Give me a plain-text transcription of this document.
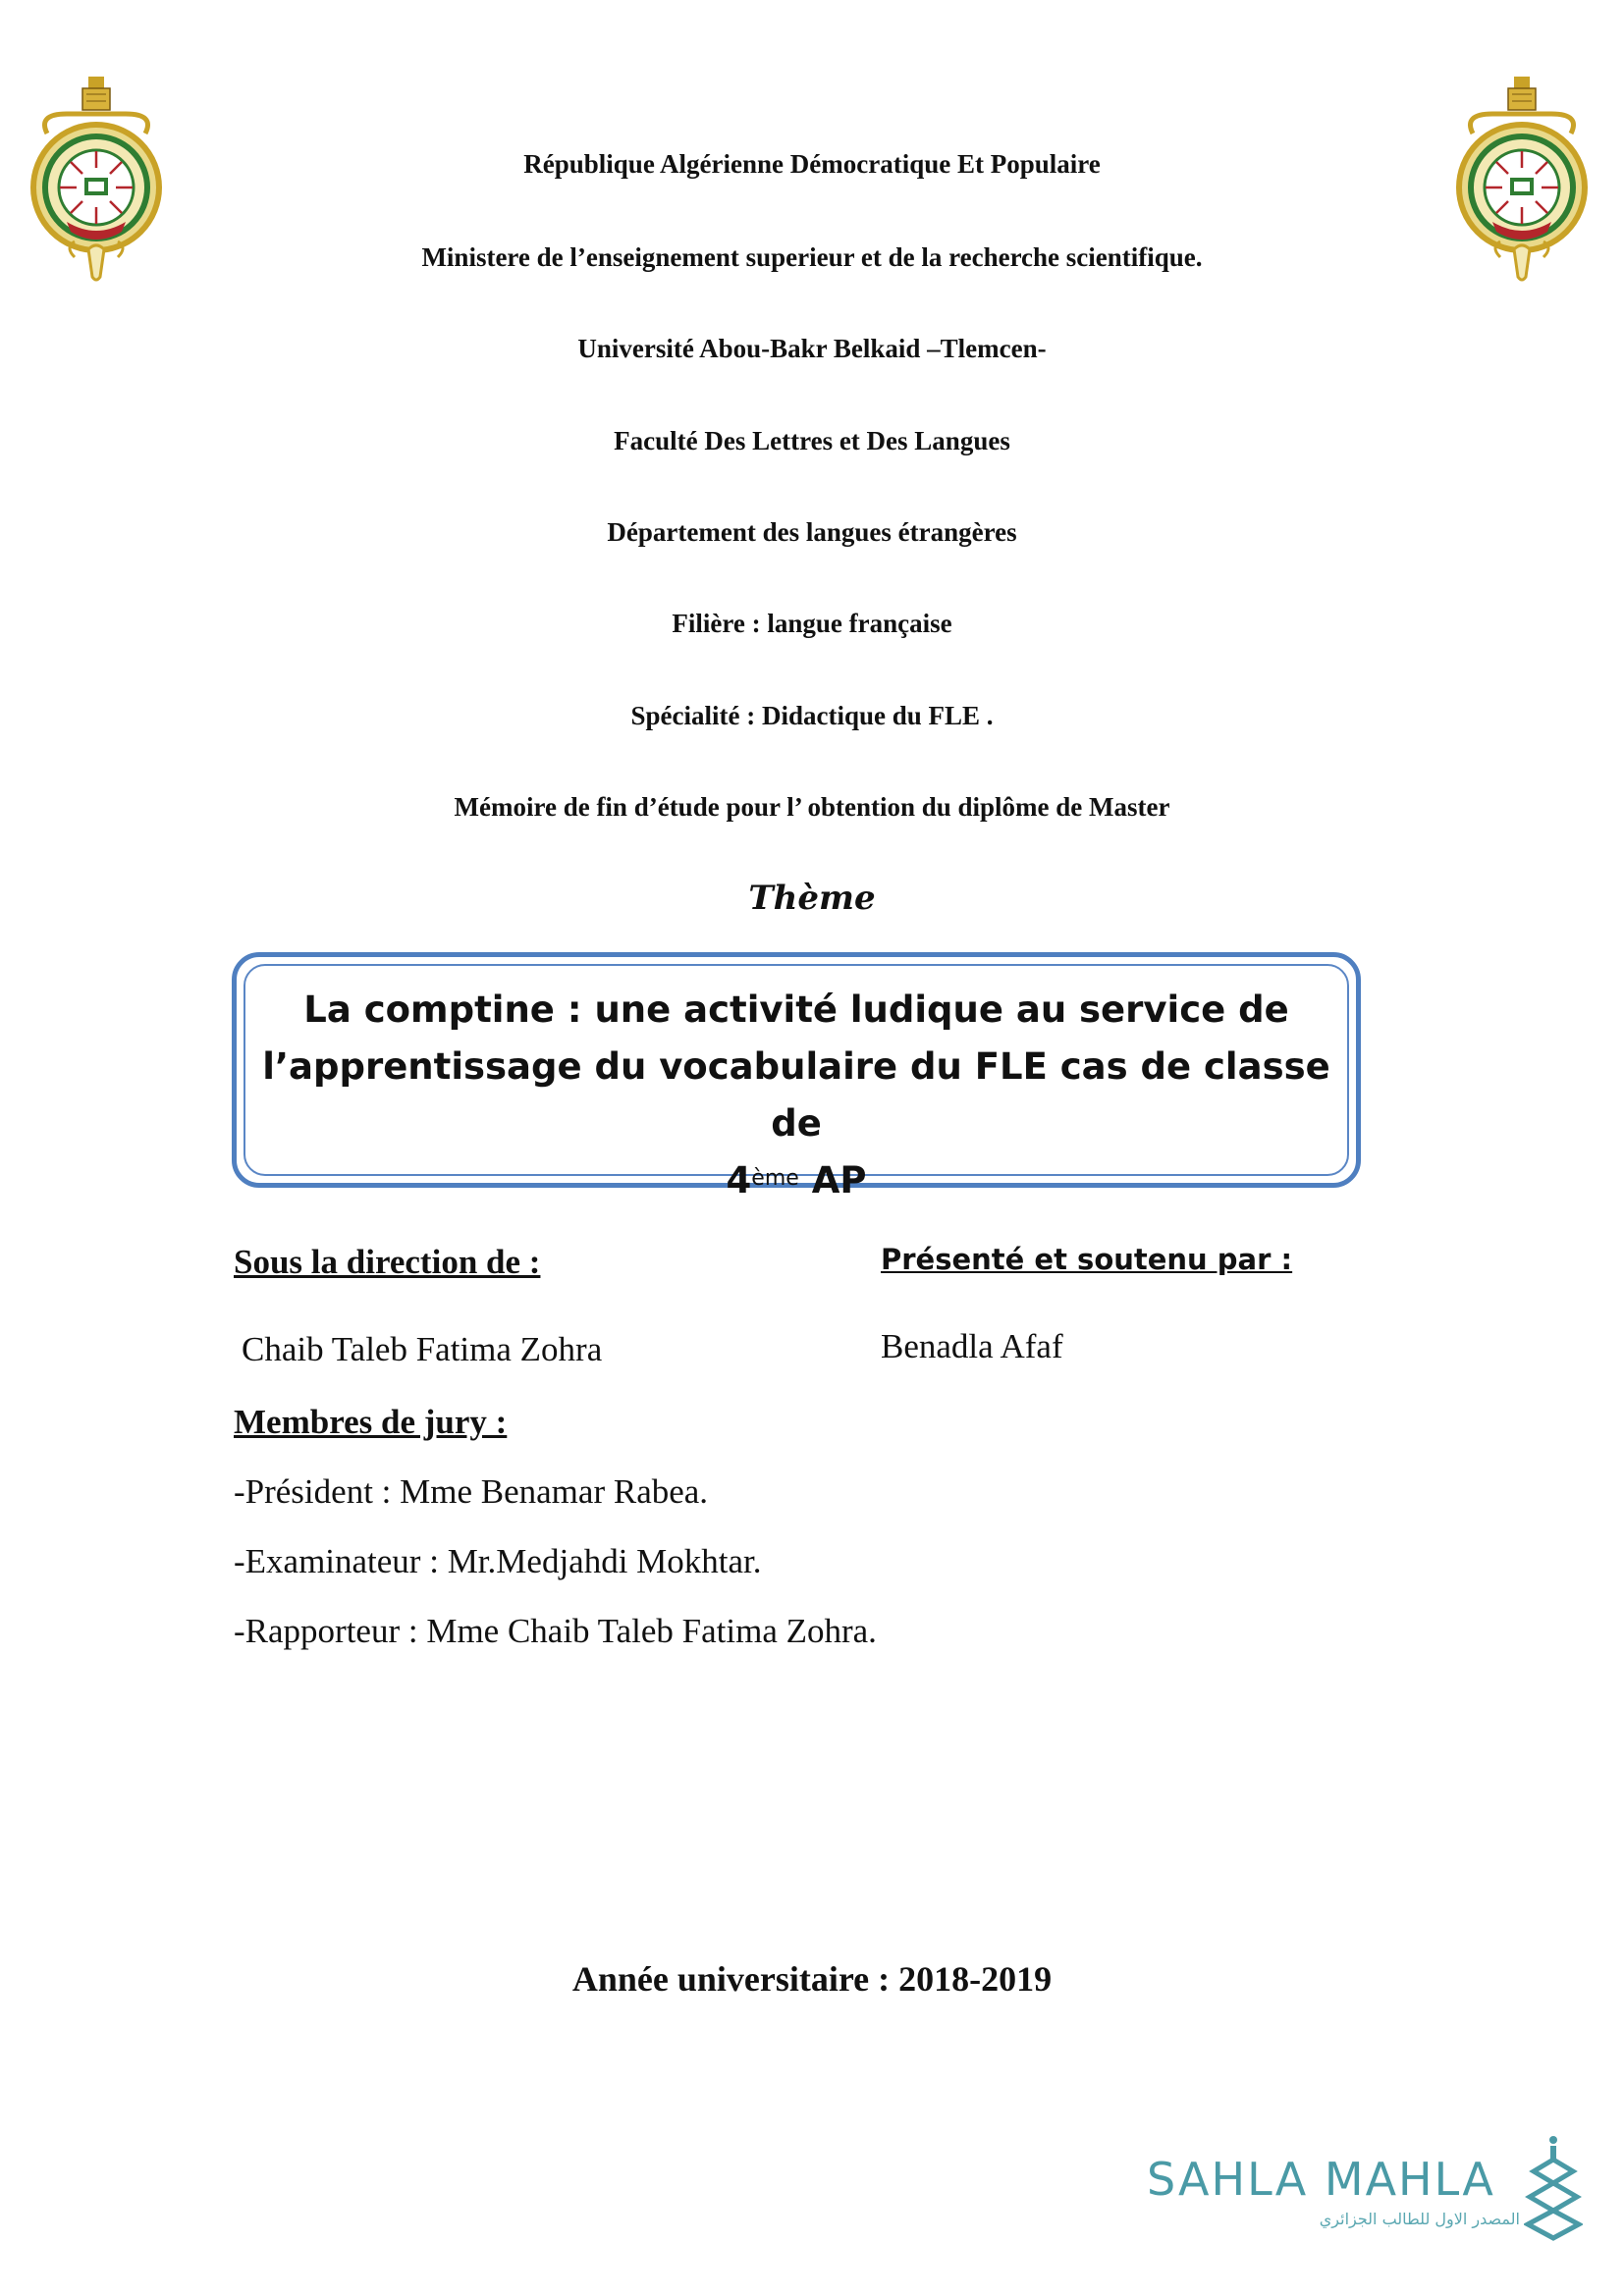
République Algérienne Démocratique Et Populaire
Ministere de l’enseignement superieur et de la recherche scientifique.
Université Abou-Bakr Belkaid –Tlemcen-
Faculté Des Lettres et Des Langues
Département des langues étrangères
Filière : langue française
Spécialité : Didactique du FLE .
Mémoire de fin d’étude pour l’ obtention du diplôme de Master
Thème
La comptine : une activité ludique au service de
l’apprentissage du vocabulaire du FLE cas de classe de
4ème AP
Sous la direction de :
Chaib Taleb Fatima Zohra
Présenté et soutenu par :
Benadla Afaf
Membres de jury :
-Président : Mme Benamar Rabea.
-Examinateur : Mr.Medjahdi Mokhtar.
-Rapporteur : Mme Chaib Taleb Fatima Zohra.
Année universitaire : 2018-2019
SAHLA MAHLA
المصدر الاول للطالب الجزائري
